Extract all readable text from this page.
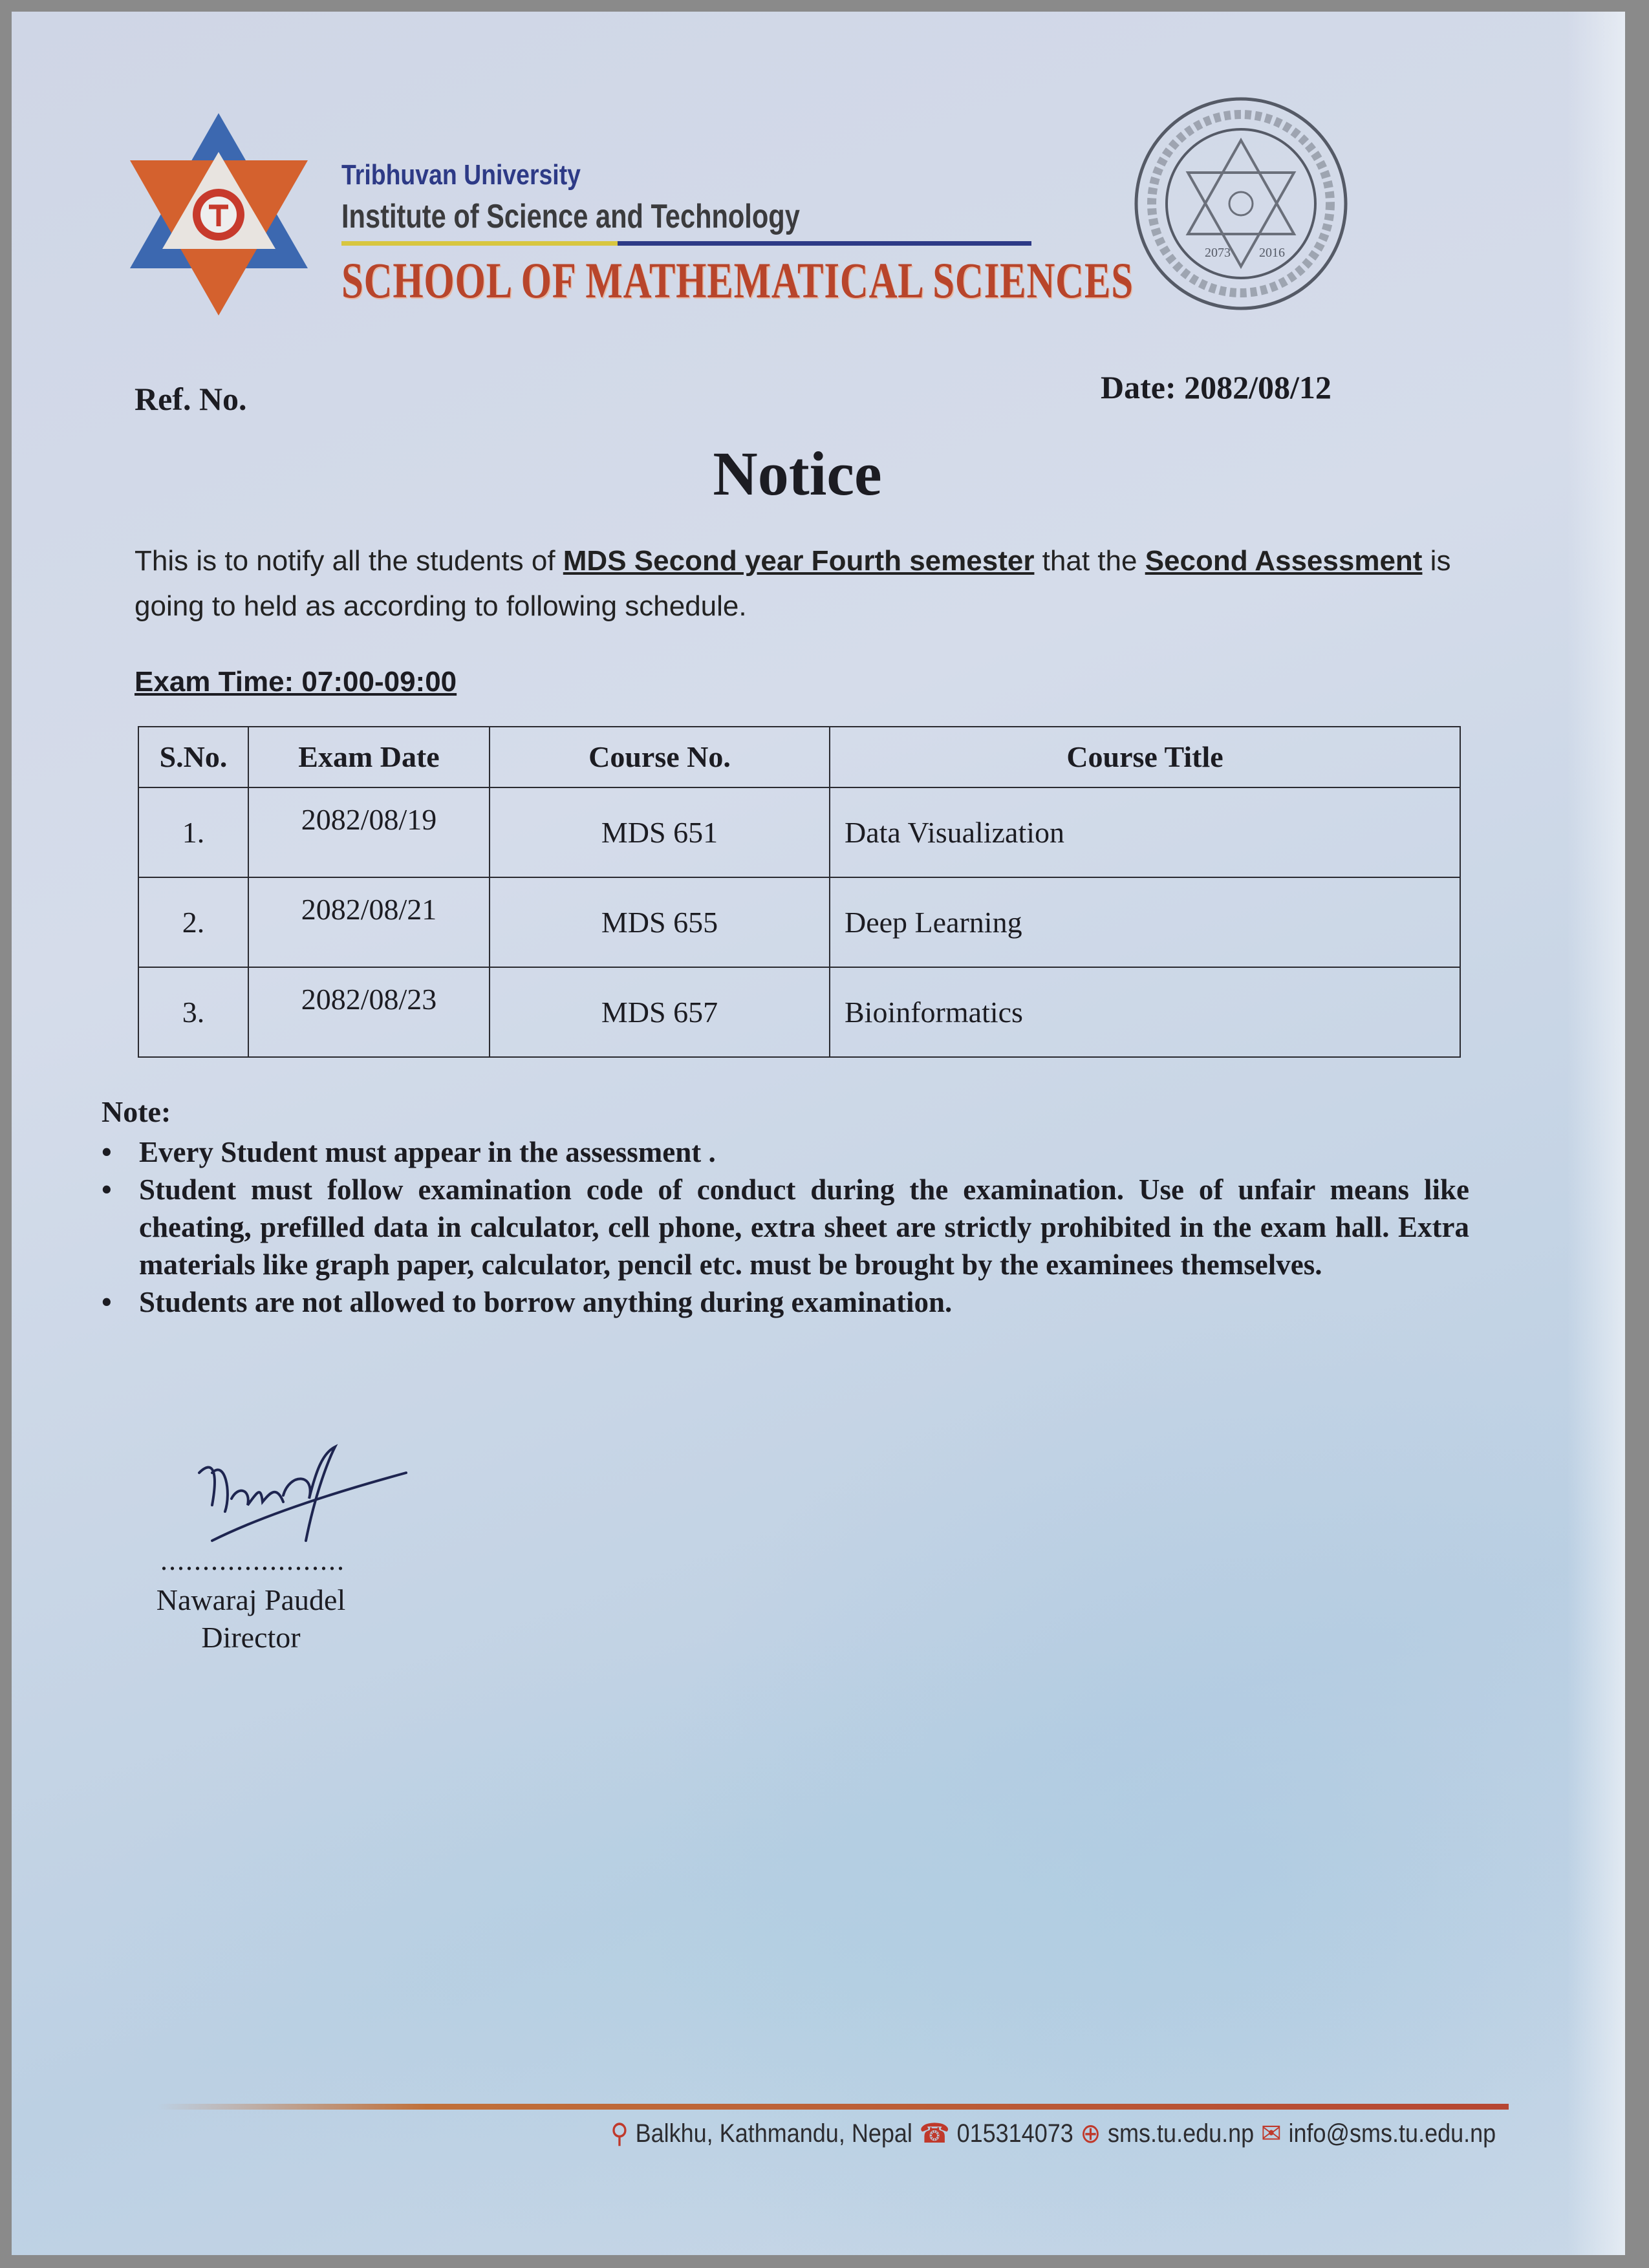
Tribhuvan University
Institute of Science and Technology
SCHOOL OF MATHEMATICAL SCIENCES	2073 2016
Ref. No.	Date: 2082/08/12
Notice
This is to notify all the students of MDS Second year Fourth semester that the Second Assessment is going to held as according to following schedule.
Exam Time: 07:00-09:00
S.No.	Exam Date	Course No.	Course Title
1.	2082/08/19	MDS 651	Data Visualization
2.	2082/08/21	MDS 655	Deep Learning
3.	2082/08/23	MDS 657	Bioinformatics
Note:
• Every Student must appear in the assessment .
• Student must follow examination code of conduct during the examination. Use of unfair means like cheating, prefilled data in calculator, cell phone, extra sheet are strictly prohibited in the exam hall. Extra materials like graph paper, calculator, pencil etc. must be brought by the examinees themselves.
• Students are not allowed to borrow anything during examination.
......................
Nawaraj Paudel
Director
⚲ Balkhu, Kathmandu, Nepal ☎ 015314073 ⊕ sms.tu.edu.np ✉ info@sms.tu.edu.np
